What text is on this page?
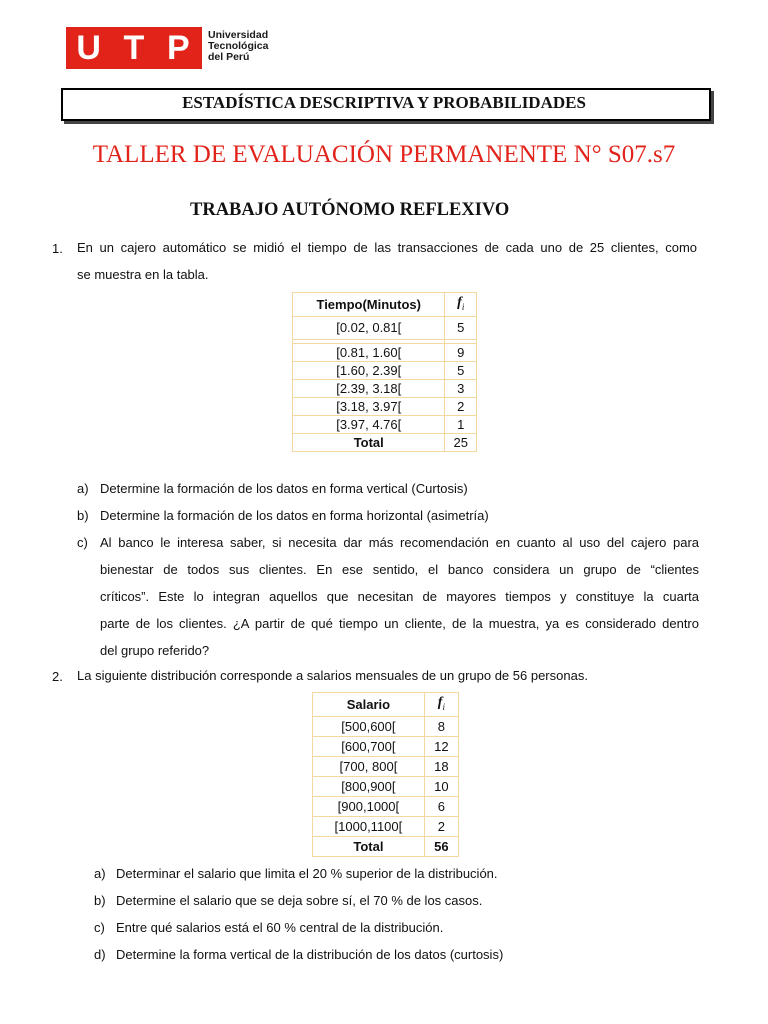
U T P Universidad
Tecnológica
del Perú
ESTADÍSTICA DESCRIPTIVA Y PROBABILIDADES
TALLER DE EVALUACIÓN PERMANENTE N° S07.s7
TRABAJO AUTÓNOMO REFLEXIVO
1. En un cajero automático se midió el tiempo de las transacciones de cada uno de 25 clientes, como
se muestra en la tabla.
Tiempo(Minutos)	$f_i$
[0.02, 0.81[	5

[0.81, 1.60[	9
[1.60, 2.39[	5
[2.39, 3.18[	3
[3.18, 3.97[	2
[3.97, 4.76[	1
Total	25
a) Determine la formación de los datos en forma vertical (Curtosis)
b) Determine la formación de los datos en forma horizontal (asimetría)
c) Al banco le interesa saber, si necesita dar más recomendación en cuanto al uso del cajero para
bienestar de todos sus clientes. En ese sentido, el banco considera un grupo de “clientes
críticos”. Este lo integran aquellos que necesitan de mayores tiempos y constituye la cuarta
parte de los clientes. ¿A partir de qué tiempo un cliente, de la muestra, ya es considerado dentro
del grupo referido?
2. La siguiente distribución corresponde a salarios mensuales de un grupo de 56 personas.
Salario	$f_i$
[500,600[	8
[600,700[	12
[700, 800[	18
[800,900[	10
[900,1000[	6
[1000,1100[	2
Total	56
a) Determinar el salario que limita el 20 % superior de la distribución.
b) Determine el salario que se deja sobre sí, el 70 % de los casos.
c) Entre qué salarios está el 60 % central de la distribución.
d) Determine la forma vertical de la distribución de los datos (curtosis)
